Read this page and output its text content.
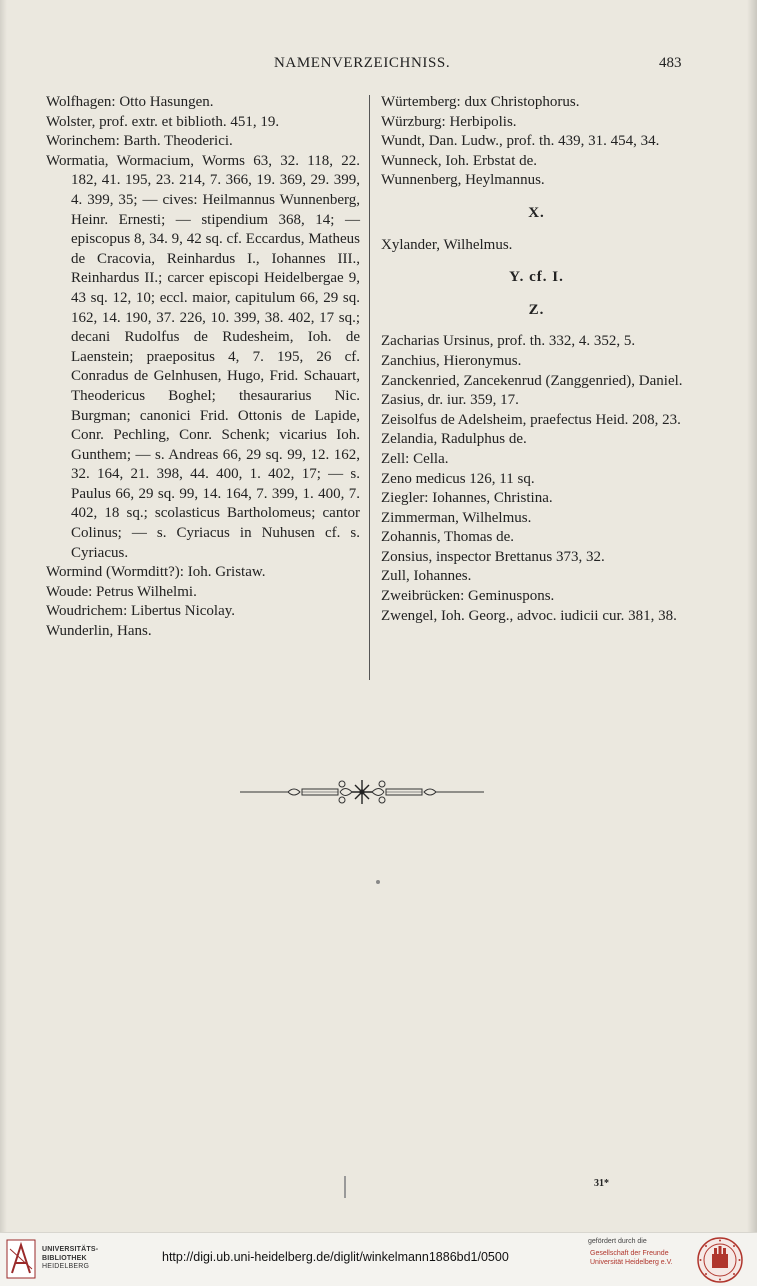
NAMENVERZEICHNISS.	483
Wolfhagen: Otto Hasungen.
Wolster, prof. extr. et biblioth. 451, 19.
Worinchem: Barth. Theoderici.
Wormatia, Wormacium, Worms 63, 32. 118, 22. 182, 41. 195, 23. 214, 7. 366, 19. 369, 29. 399, 4. 399, 35; — cives: Heilmannus Wunnenberg, Heinr. Ernesti; — stipendium 368, 14; — episcopus 8, 34. 9, 42 sq. cf. Eccardus, Matheus de Cracovia, Reinhardus I., Iohannes III., Reinhardus II.; carcer episcopi Heidelbergae 9, 43 sq. 12, 10; eccl. maior, capitulum 66, 29 sq. 162, 14. 190, 37. 226, 10. 399, 38. 402, 17 sq.; decani Rudolfus de Rudesheim, Ioh. de Laenstein; praepositus 4, 7. 195, 26 cf. Conradus de Gelnhusen, Hugo, Frid. Schauart, Theodericus Boghel; thesaurarius Nic. Burgman; canonici Frid. Ottonis de Lapide, Conr. Pechling, Conr. Schenk; vicarius Ioh. Gunthem; — s. Andreas 66, 29 sq. 99, 12. 162, 32. 164, 21. 398, 44. 400, 1. 402, 17; — s. Paulus 66, 29 sq. 99, 14. 164, 7. 399, 1. 400, 7. 402, 18 sq.; scolasticus Bartholomeus; cantor Colinus; — s. Cyriacus in Nuhusen cf. s. Cyriacus.
Wormind (Wormditt?): Ioh. Gristaw.
Woude: Petrus Wilhelmi.
Woudrichem: Libertus Nicolay.
Wunderlin, Hans.
Würtemberg: dux Christophorus.
Würzburg: Herbipolis.
Wundt, Dan. Ludw., prof. th. 439, 31. 454, 34.
Wunneck, Ioh. Erbstat de.
Wunnenberg, Heylmannus.
X.
Xylander, Wilhelmus.
Y. cf. I.
Z.
Zacharias Ursinus, prof. th. 332, 4. 352, 5.
Zanchius, Hieronymus.
Zanckenried, Zancekenrud (Zanggenried), Daniel.
Zasius, dr. iur. 359, 17.
Zeisolfus de Adelsheim, praefectus Heid. 208, 23.
Zelandia, Radulphus de.
Zell: Cella.
Zeno medicus 126, 11 sq.
Ziegler: Iohannes, Christina.
Zimmerman, Wilhelmus.
Zohannis, Thomas de.
Zonsius, inspector Brettanus 373, 32.
Zull, Iohannes.
Zweibrücken: Geminuspons.
Zwengel, Ioh. Georg., advoc. iudicii cur. 381, 38.
31*
UNIVERSITÄTS-
BIBLIOTHEK
HEIDELBERG
http://digi.ub.uni-heidelberg.de/diglit/winkelmann1886bd1/0500
gefördert durch die
Gesellschaft der Freunde
Universität Heidelberg e.V.
